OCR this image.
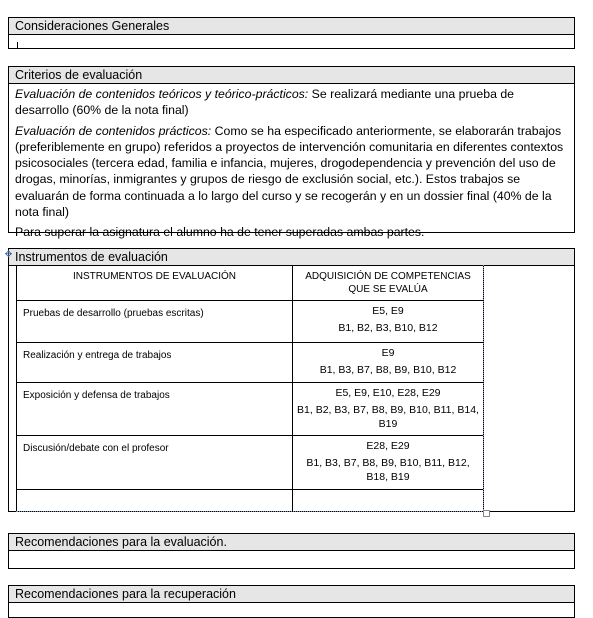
Consideraciones Generales
Criterios de evaluación

Evaluación de contenidos teóricos y teórico-prácticos: Se realizará mediante una prueba de desarrollo (60% de la nota final)

Evaluación de contenidos prácticos: Como se ha especificado anteriormente, se elaborarán trabajos (preferiblemente en grupo) referidos a proyectos de intervención comunitaria en diferentes contextos psicosociales (tercera edad, familia e infancia, mujeres, drogodependencia y prevención del uso de drogas, minorías, inmigrantes y grupos de riesgo de exclusión social, etc.). Estos trabajos se evaluarán de forma continuada a lo largo del curso y se recogerán y en un dossier final (40% de la nota final)

Para superar la asignatura el alumno ha de tener superadas ambas partes.

Instrumentos de evaluación
✥
INSTRUMENTOS DE EVALUACIÓN	ADQUISICIÓN DE COMPETENCIAS QUE SE EVALÚA
Pruebas de desarrollo (pruebas escritas)	E5, E9
B1, B2, B3, B10, B12

Realización y entrega de trabajos	E9
B1, B3, B7, B8, B9, B10, B12

Exposición y defensa de trabajos	E5, E9, E10, E28, E29
B1, B2, B3, B7, B8, B9, B10, B11, B14, B19

Discusión/debate con el profesor	E28, E29
B1, B3, B7, B8, B9, B10, B11, B12, B18, B19

Recomendaciones para la evaluación.
Recomendaciones para la recuperación
